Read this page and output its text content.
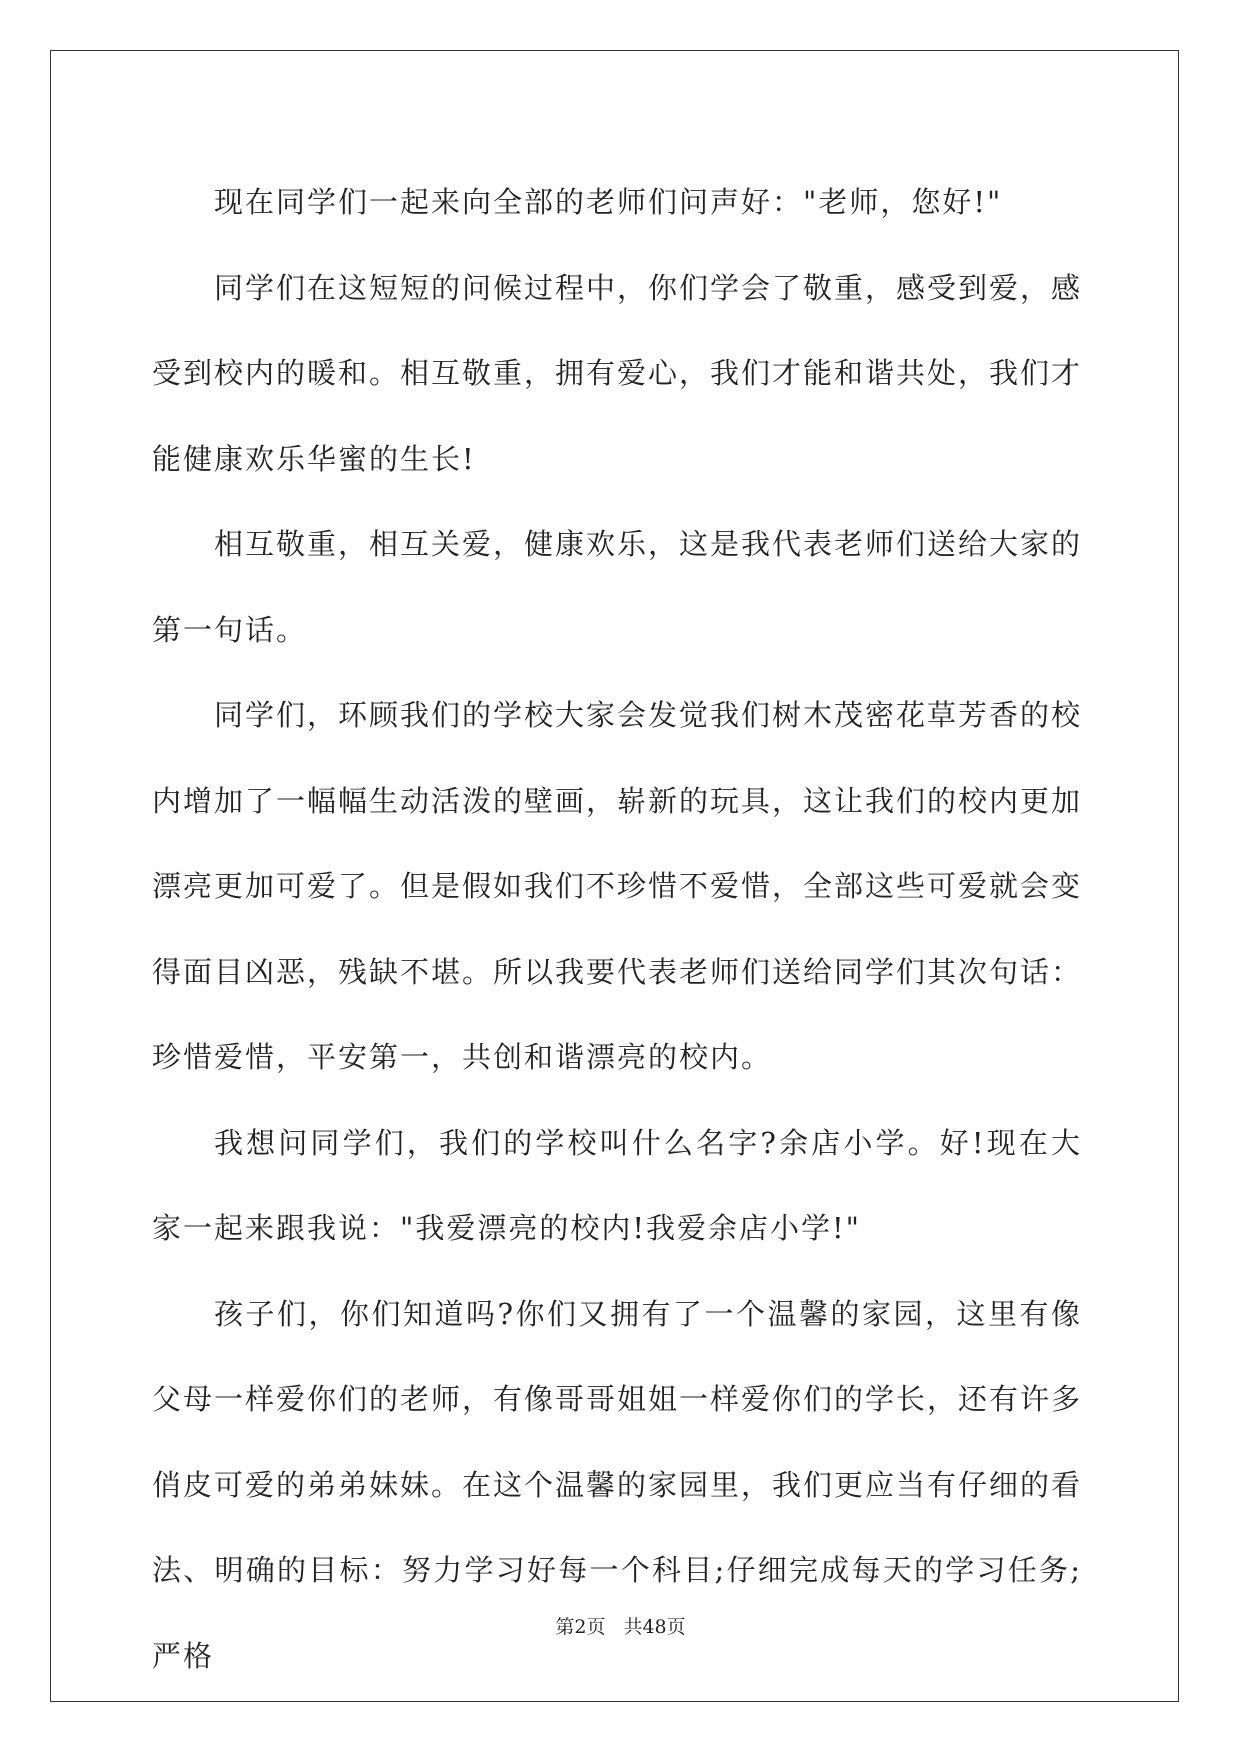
现在同学们一起来向全部的老师们问声好："老师，您好!"

同学们在这短短的问候过程中，你们学会了敬重，感受到爱，感受到校内的暖和。相互敬重，拥有爱心，我们才能和谐共处，我们才能健康欢乐华蜜的生长!

相互敬重，相互关爱，健康欢乐，这是我代表老师们送给大家的第一句话。

同学们，环顾我们的学校大家会发觉我们树木茂密花草芳香的校内增加了一幅幅生动活泼的壁画，崭新的玩具，这让我们的校内更加漂亮更加可爱了。但是假如我们不珍惜不爱惜，全部这些可爱就会变得面目凶恶，残缺不堪。所以我要代表老师们送给同学们其次句话：珍惜爱惜，平安第一，共创和谐漂亮的校内。

我想问同学们，我们的学校叫什么名字?余店小学。好!现在大家一起来跟我说："我爱漂亮的校内!我爱余店小学!"

孩子们，你们知道吗?你们又拥有了一个温馨的家园，这里有像父母一样爱你们的老师，有像哥哥姐姐一样爱你们的学长，还有许多俏皮可爱的弟弟妹妹。在这个温馨的家园里，我们更应当有仔细的看法、明确的目标：努力学习好每一个科目;仔细完成每天的学习任务;严格

第2页 共48页
